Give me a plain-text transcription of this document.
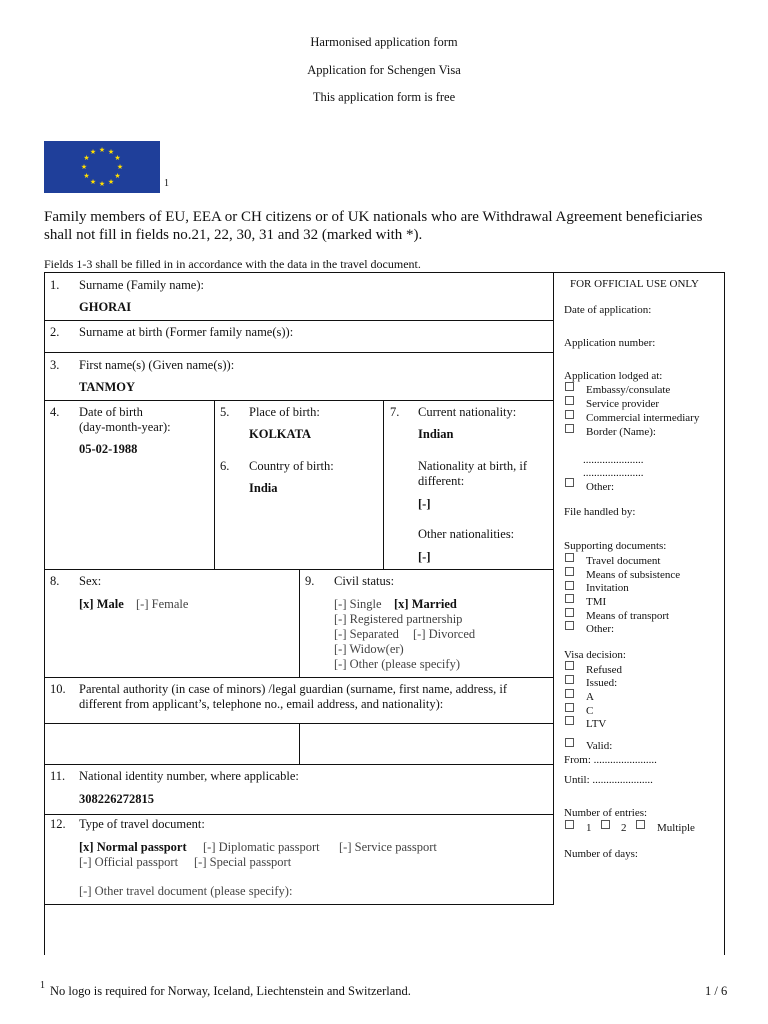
Harmonised application form
Application for Schengen Visa
This application form is free
★ ★
★
★
★
★
★
★
★
★
★
★
1
Family members of EU, EEA or CH citizens or of UK nationals who are Withdrawal Agreement beneficiaries shall not fill in fields no.21, 22, 30, 31 and 32 (marked with *).
Fields 1-3 shall be filled in in accordance with the data in the travel document.
1. Surname (Family name):
GHORAI
2. Surname at birth (Former family name(s)):
3. First name(s) (Given name(s)):
TANMOY
4. Date of birth
(day-month-year):
05-02-1988
5. Place of birth:
KOLKATA
6. Country of birth:
India
7. Current nationality:
Indian
Nationality at birth, if
different:
[-]
Other nationalities:
[-]
8. Sex:
[x] Male [-] Female
9. Civil status:
[-] Single [x] Married
[-] Registered partnership
[-] Separated [-] Divorced
[-] Widow(er)
[-] Other (please specify)
10. Parental authority (in case of minors) /legal guardian (surname, first name, address, if
different from applicant’s, telephone no., email address, and nationality):
11. National identity number, where applicable:
308226272815
12. Type of travel document:
[x] Normal passport [-] Diplomatic passport [-] Service passport
[-] Official passport [-] Special passport
[-] Other travel document (please specify):
FOR OFFICIAL USE ONLY
Date of application:
Application number:
Application lodged at:
Embassy/consulate
Service provider
Commercial intermediary
Border (Name):
......................
......................
Other:
File handled by:
Supporting documents:
Travel document
Means of subsistence
Invitation
TMI
Means of transport
Other:
Visa decision:
Refused
Issued:
A
C
LTV
Valid:
From: .......................
Until: ......................
Number of entries:
1	2	Multiple
Number of days:
1 No logo is required for Norway, Iceland, Liechtenstein and Switzerland.	1 / 6
